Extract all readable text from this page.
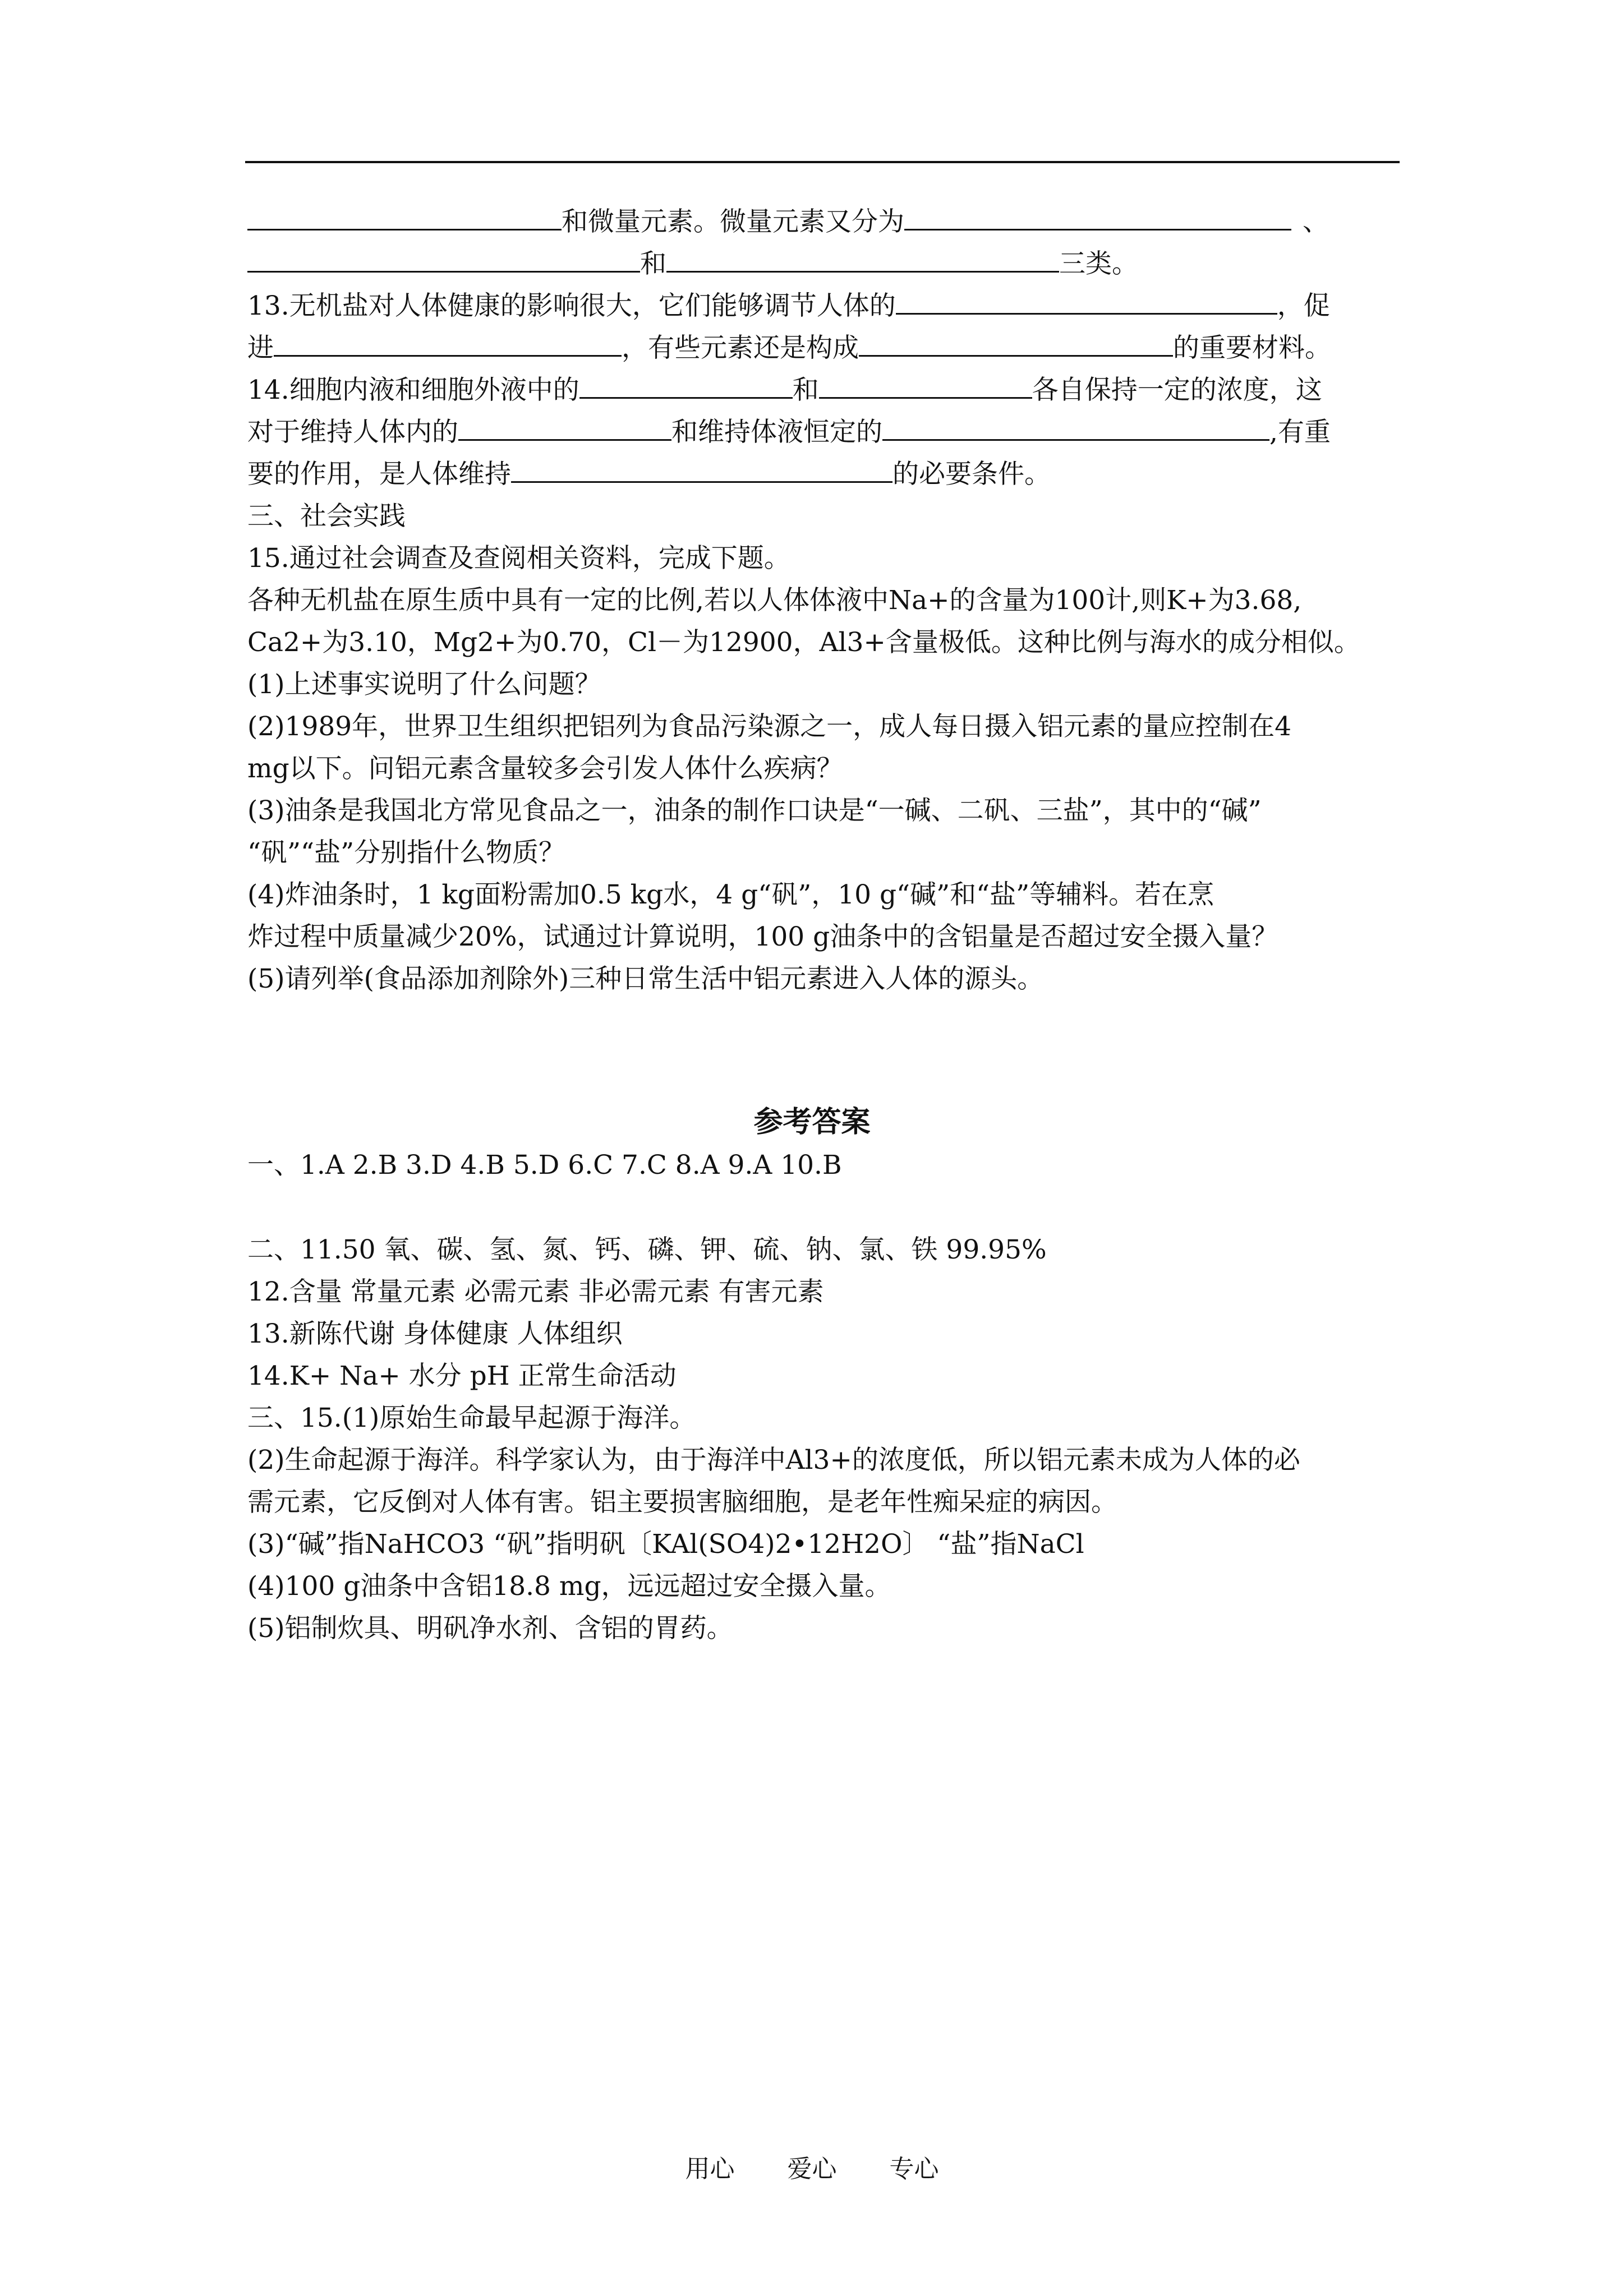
和微量元素。微量元素又分为	、
和	三类。
13.无机盐对人体健康的影响很大，它们能够调节人体的	，促
进	，有些元素还是构成	的重要材料。
14.细胞内液和细胞外液中的	和	各自保持一定的浓度，这
对于维持人体内的	和维持体液恒定的	,有重
要的作用，是人体维持	的必要条件。
三、社会实践
15.通过社会调查及查阅相关资料，完成下题。
各种无机盐在原生质中具有一定的比例,若以人体体液中Na+的含量为100计,则K+为3.68,
Ca2+为3.10，Mg2+为0.70，Cl－为12900，Al3+含量极低。这种比例与海水的成分相似。
(1)上述事实说明了什么问题？
(2)1989年，世界卫生组织把铝列为食品污染源之一，成人每日摄入铝元素的量应控制在4
mg以下。问铝元素含量较多会引发人体什么疾病？
(3)油条是我国北方常见食品之一，油条的制作口诀是“一碱、二矾、三盐”，其中的“碱”
“矾”“盐”分别指什么物质？
(4)炸油条时，1 kg面粉需加0.5 kg水，4 g“矾”，10 g“碱”和“盐”等辅料。若在烹
炸过程中质量减少20%，试通过计算说明，100 g油条中的含铝量是否超过安全摄入量？
(5)请列举(食品添加剂除外)三种日常生活中铝元素进入人体的源头。
参考答案
一、1.A 2.B 3.D 4.B 5.D 6.C 7.C 8.A 9.A 10.B
二、11.50 氧、碳、氢、氮、钙、磷、钾、硫、钠、氯、铁 99.95%
12.含量 常量元素 必需元素 非必需元素 有害元素
13.新陈代谢 身体健康 人体组织
14.K+ Na+ 水分 pH 正常生命活动
三、15.(1)原始生命最早起源于海洋。
(2)生命起源于海洋。科学家认为，由于海洋中Al3+的浓度低，所以铝元素未成为人体的必
需元素，它反倒对人体有害。铝主要损害脑细胞，是老年性痴呆症的病因。
(3)“碱”指NaHCO3 “矾”指明矾〔KAl(SO4)2•12H2O〕 “盐”指NaCl
(4)100 g油条中含铝18.8 mg，远远超过安全摄入量。
(5)铝制炊具、明矾净水剂、含铝的胃药。
用心 爱心 专心
